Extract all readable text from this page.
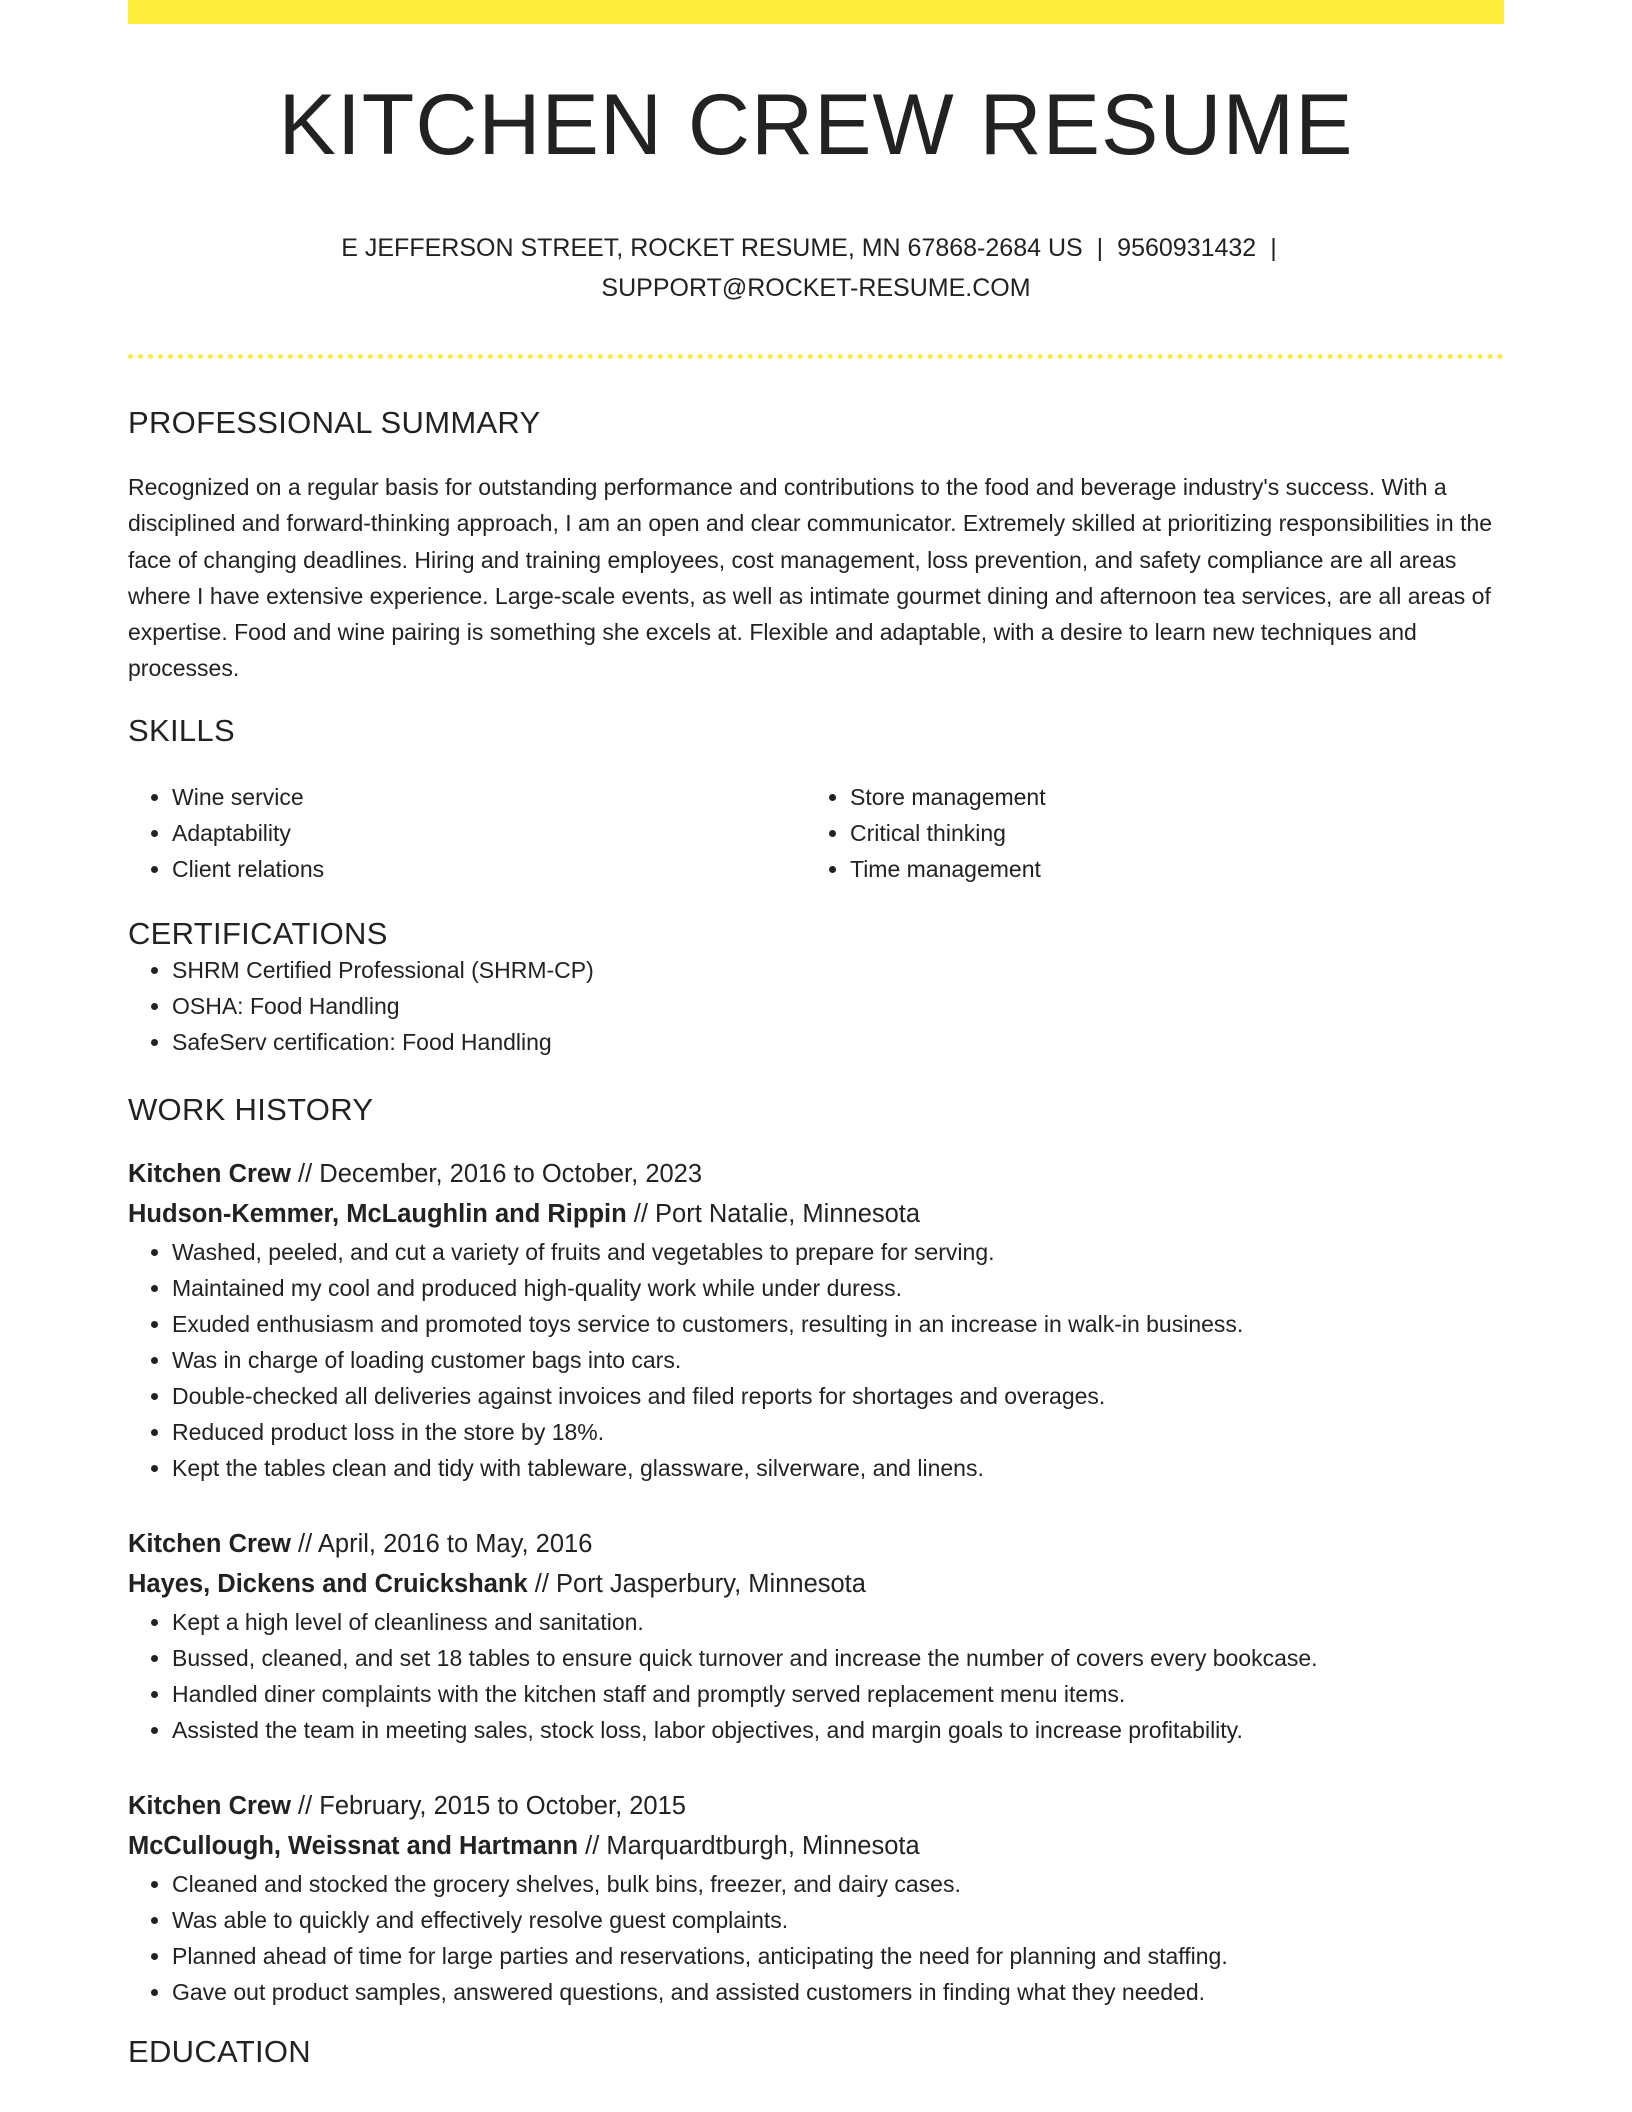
KITCHEN CREW RESUME
E JEFFERSON STREET, ROCKET RESUME, MN 67868-2684 US | 9560931432 |
SUPPORT@ROCKET-RESUME.COM
PROFESSIONAL SUMMARY
Recognized on a regular basis for outstanding performance and contributions to the food and beverage industry's success. With a disciplined and forward-thinking approach, I am an open and clear communicator. Extremely skilled at prioritizing responsibilities in the face of changing deadlines. Hiring and training employees, cost management, loss prevention, and safety compliance are all areas where I have extensive experience. Large-scale events, as well as intimate gourmet dining and afternoon tea services, are all areas of expertise. Food and wine pairing is something she excels at. Flexible and adaptable, with a desire to learn new techniques and processes.
SKILLS
• Wine service
• Adaptability
• Client relations
• Store management
• Critical thinking
• Time management
CERTIFICATIONS
• SHRM Certified Professional (SHRM-CP)
• OSHA: Food Handling
• SafeServ certification: Food Handling
WORK HISTORY
Kitchen Crew // December, 2016 to October, 2023
Hudson-Kemmer, McLaughlin and Rippin // Port Natalie, Minnesota
• Washed, peeled, and cut a variety of fruits and vegetables to prepare for serving.
• Maintained my cool and produced high-quality work while under duress.
• Exuded enthusiasm and promoted toys service to customers, resulting in an increase in walk-in business.
• Was in charge of loading customer bags into cars.
• Double-checked all deliveries against invoices and filed reports for shortages and overages.
• Reduced product loss in the store by 18%.
• Kept the tables clean and tidy with tableware, glassware, silverware, and linens.
Kitchen Crew // April, 2016 to May, 2016
Hayes, Dickens and Cruickshank // Port Jasperbury, Minnesota
• Kept a high level of cleanliness and sanitation.
• Bussed, cleaned, and set 18 tables to ensure quick turnover and increase the number of covers every bookcase.
• Handled diner complaints with the kitchen staff and promptly served replacement menu items.
• Assisted the team in meeting sales, stock loss, labor objectives, and margin goals to increase profitability.
Kitchen Crew // February, 2015 to October, 2015
McCullough, Weissnat and Hartmann // Marquardtburgh, Minnesota
• Cleaned and stocked the grocery shelves, bulk bins, freezer, and dairy cases.
• Was able to quickly and effectively resolve guest complaints.
• Planned ahead of time for large parties and reservations, anticipating the need for planning and staffing.
• Gave out product samples, answered questions, and assisted customers in finding what they needed.
EDUCATION
